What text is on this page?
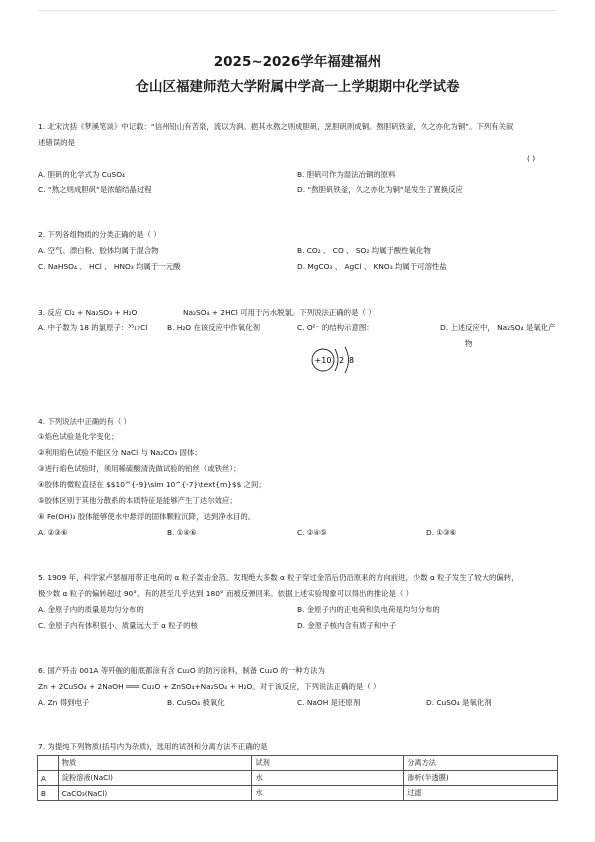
2025~2026学年福建福州
仓山区福建师范大学附属中学高一上学期期中化学试卷
1. 北宋沈括《梦溪笔谈》中记载：“信州铅山有苦泉，流以为涧。挹其水熬之则成胆矾，烹胆矾则成铜。熬胆矾铁釜，久之亦化为铜”。下列有关叙
述错误的是
( )
A. 胆矾的化学式为 CuSO₄	B. 胆矾可作为湿法冶铜的原料
C. “熬之则成胆矾”是浓缩结晶过程	D. “熬胆矾铁釜，久之亦化为铜”是发生了置换反应
2. 下列各组物质的分类正确的是（ ）
A. 空气、漂白粉、胶体均属于混合物	B. CO₂ 、 CO 、 SO₂ 均属于酸性氧化物
C. NaHSO₄ 、 HCl 、 HNO₃ 均属于一元酸	D. MgCO₃ 、 AgCl 、 KNO₃ 均属于可溶性盐
3. 反应 Cl₂ + Na₂SO₃ + H₂O	Na₂SO₄ + 2HCl 可用于污水脱氯。下列说法正确的是（ ）
A. 中子数为 18 的氯原子：³⁵₁₇Cl	B. H₂O 在该反应中作氧化剂	C. O²⁻ 的结构示意图：	D. 上述反应中， Na₂SO₄ 是氧化产
物
+10 2 8
4. 下列说法中正确的有（ ）
①焰色试验是化学变化；
②利用焰色试验不能区分 NaCl 与 Na₂CO₃ 固体；
③进行焰色试验时，须用稀硫酸清洗做试验的铂丝（或铁丝）；
④胶体的微粒直径在 $$10^{-9}\sim 10^{-7}\text{m}$$ 之间；
⑤胶体区别于其他分散系的本质特征是能够产生丁达尔效应；
⑥ Fe(OH)₃ 胶体能够使水中悬浮的固体颗粒沉降，达到净水目的。
A. ②③⑥	B. ①④⑥	C. ②④⑤	D. ①③⑥
5. 1909 年，科学家卢瑟福用带正电荷的 α 粒子轰击金箔。发现绝大多数 α 粒子穿过金箔后仍沿原来的方向前进，少数 α 粒子发生了较大的偏转，
极少数 α 粒子的偏转超过 90°。有的甚至几乎达到 180° 而被反弹回来。依据上述实验现象可以得出的推论是（ ）
A. 金原子内的质量是均匀分布的	B. 金原子内的正电荷和负电荷是均匀分布的
C. 金原子内有体积很小、质量远大于 α 粒子的核	D. 金原子核内含有质子和中子
6. 国产歼击 001A 等歼舰的船底都涂有含 Cu₂O 的防污涂料，制备 Cu₂O 的一种方法为
Zn + 2CuSO₄ + 2NaOH ═══ Cu₂O + ZnSO₄+Na₂SO₄ + H₂O。对于该反应，下列说法正确的是（ ）
A. Zn 得到电子	B. CuSO₄ 被氧化	C. NaOH 是还原剂	D. CuSO₄ 是氧化剂
7. 为提纯下列物质(括号内为杂质)，选用的试剂和分离方法不正确的是
	物质	试剂	分离方法
A	淀粉溶液(NaCl)	水	渗析(半透膜)
B	CaCO₃(NaCl)	水	过滤
